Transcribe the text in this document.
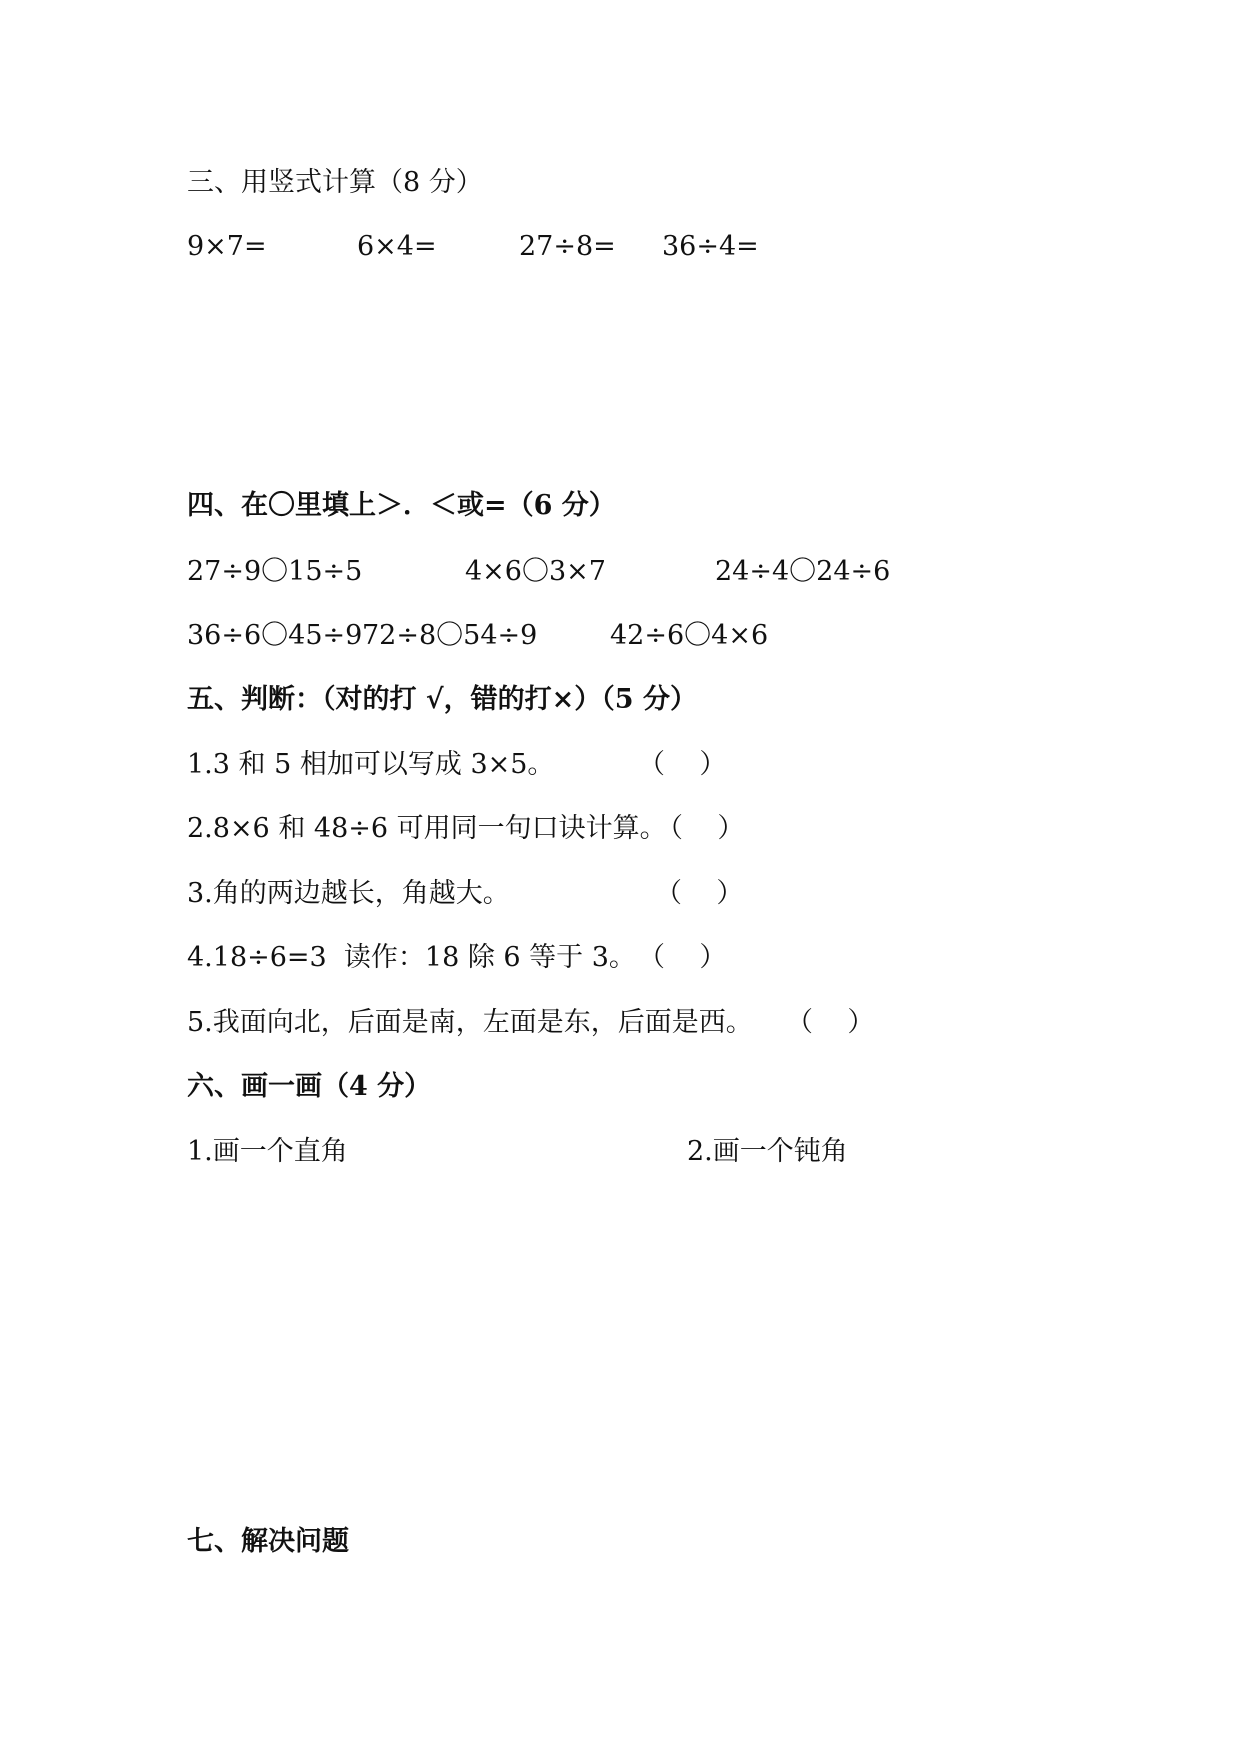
三、用竖式计算（8 分）
9×7=	6×4=	27÷8= 36÷4=
四、在〇里填上＞．＜或=（6 分）
27÷9〇15÷5	4×6〇3×7	24÷4〇24÷6
36÷6〇45÷9 72÷8〇54÷9	42÷6〇4×6
五、判断：（对的打 √，错的打×）（5 分）
1.3 和 5 相加可以写成 3×5。	（    ）
2.8×6 和 48÷6 可用同一句口诀计算。
（    ）
3.角的两边越长，角越大。	（    ）
4.18÷6=3  读作：18 除 6 等于 3。 （    ）
5.我面向北，后面是南，左面是东，后面是西。 （    ）
六、画一画（4 分）
1.画一个直角	2.画一个钝角
七、解决问题
